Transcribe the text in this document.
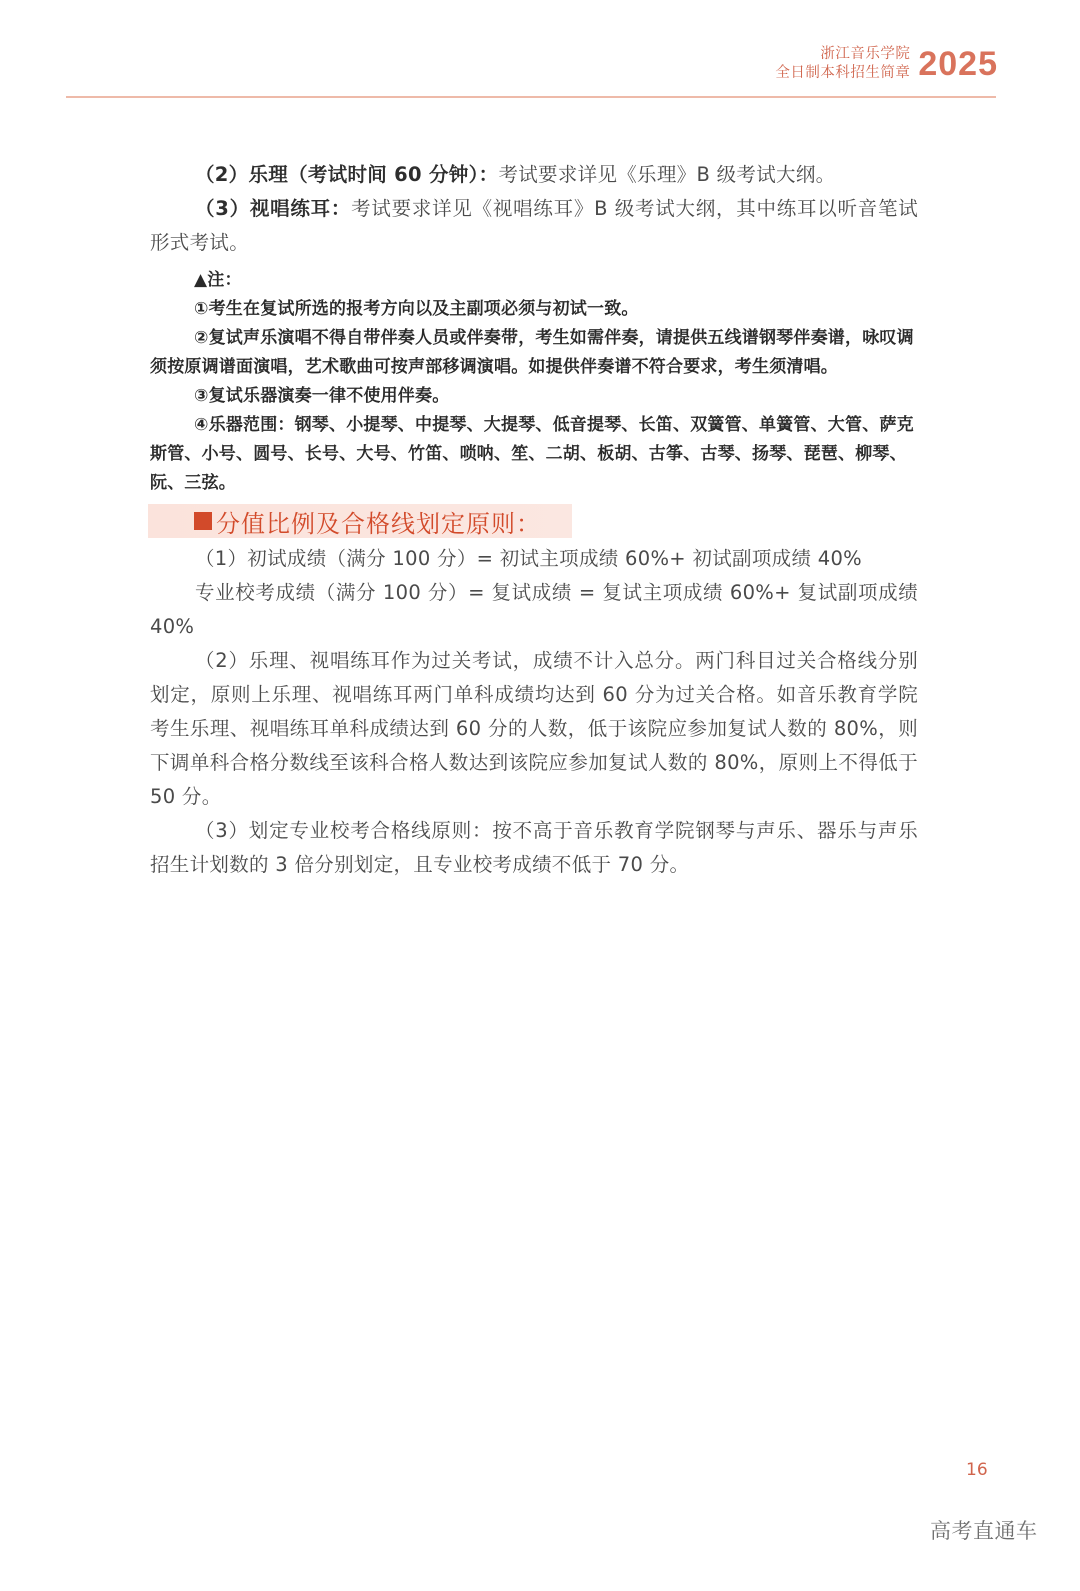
浙江音乐学院
全日制本科招生简章 2025

（2）乐理（考试时间 60 分钟）：考试要求详见《乐理》B 级考试大纲。

（3）视唱练耳：考试要求详见《视唱练耳》B 级考试大纲，其中练耳以听音笔试形式考试。

▲注：

①考生在复试所选的报考方向以及主副项必须与初试一致。

②复试声乐演唱不得自带伴奏人员或伴奏带，考生如需伴奏，请提供五线谱钢琴伴奏谱，咏叹调须按原调谱面演唱，艺术歌曲可按声部移调演唱。如提供伴奏谱不符合要求，考生须清唱。

③复试乐器演奏一律不使用伴奏。

④乐器范围：钢琴、小提琴、中提琴、大提琴、低音提琴、长笛、双簧管、单簧管、大管、萨克斯管、小号、圆号、长号、大号、竹笛、唢呐、笙、二胡、板胡、古筝、古琴、扬琴、琵琶、柳琴、阮、三弦。

分值比例及合格线划定原则：

（1）初试成绩（满分 100 分）= 初试主项成绩 60%+ 初试副项成绩 40%

专业校考成绩（满分 100 分）= 复试成绩 = 复试主项成绩 60%+ 复试副项成绩 40%

（2）乐理、视唱练耳作为过关考试，成绩不计入总分。两门科目过关合格线分别划定，原则上乐理、视唱练耳两门单科成绩均达到 60 分为过关合格。如音乐教育学院考生乐理、视唱练耳单科成绩达到 60 分的人数，低于该院应参加复试人数的 80%，则下调单科合格分数线至该科合格人数达到该院应参加复试人数的 80%，原则上不得低于 50 分。

（3）划定专业校考合格线原则：按不高于音乐教育学院钢琴与声乐、器乐与声乐招生计划数的 3 倍分别划定，且专业校考成绩不低于 70 分。

16
高考直通车
